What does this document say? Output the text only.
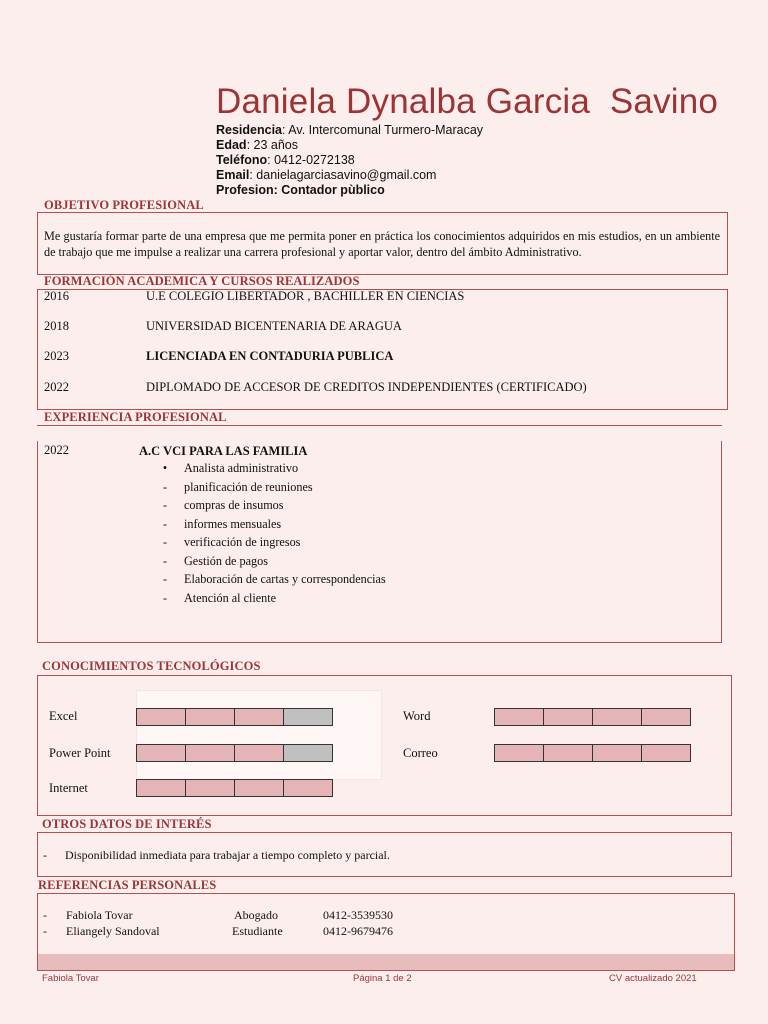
Daniela Dynalba Garcia  Savino
Residencia: Av. Intercomunal Turmero-Maracay
Edad: 23 años
Teléfono: 0412-0272138
Email: danielagarciasavino@gmail.com
Profesion: Contador pùblico
OBJETIVO PROFESIONAL
Me gustaría formar parte de una empresa que me permita poner en práctica los conocimientos adquiridos en mis estudios, en un ambiente de trabajo que me impulse a realizar una carrera profesional y aportar valor, dentro del ámbito Administrativo.
FORMACIÓN ACADEMICA Y CURSOS REALIZADOS
2016	U.E COLEGIO LIBERTADOR , BACHILLER EN CIENCIAS
2018	UNIVERSIDAD BICENTENARIA DE ARAGUA
2023	LICENCIADA EN CONTADURIA PUBLICA
2022	DIPLOMADO DE ACCESOR DE CREDITOS INDEPENDIENTES (CERTIFICADO)
EXPERIENCIA PROFESIONAL
2022	A.C VCI PARA LAS FAMILIA
• Analista administrativo
- planificación de reuniones
- compras de insumos
- informes mensuales
- verificación de ingresos
- Gestión de pagos
- Elaboración de cartas y correspondencias
- Atención al cliente
CONOCIMIENTOS TECNOLÓGICOS
Excel
Power Point
Internet
Word
Correo
OTROS DATOS DE INTERÉS
- Disponibilidad inmediata para trabajar a tiempo completo y parcial.
REFERENCIAS PERSONALES
- Fabiola Tovar	Abogado	0412-3539530
- Eliangely Sandoval	Estudiante	0412-9679476
Fabiola Tovar	Página 1 de 2	CV actualizado 2021
